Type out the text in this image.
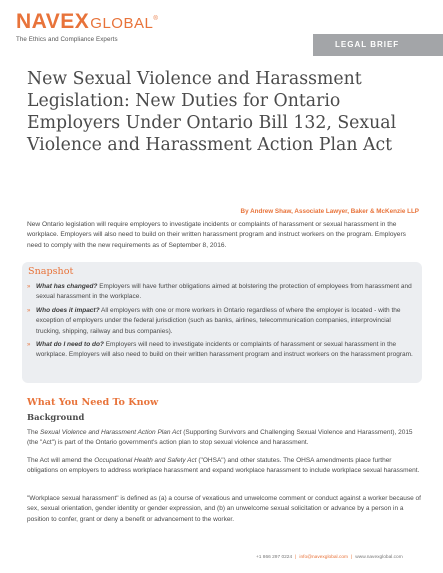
NAVEXGLOBAL®
The Ethics and Compliance Experts
LEGAL BRIEF
New Sexual Violence and Harassment Legislation: New Duties for Ontario Employers Under Ontario Bill 132, Sexual Violence and Harassment Action Plan Act
By Andrew Shaw, Associate Lawyer, Baker & McKenzie LLP

New Ontario legislation will require employers to investigate incidents or complaints of harassment or sexual harassment in the workplace. Employers will also need to build on their written harassment program and instruct workers on the program. Employers need to comply with the new requirements as of September 8, 2016.

Snapshot
» What has changed? Employers will have further obligations aimed at bolstering the protection of employees from harassment and sexual harassment in the workplace.
» Who does it impact? All employers with one or more workers in Ontario regardless of where the employer is located - with the exception of employers under the federal jurisdiction (such as banks, airlines, telecommunication companies, interprovincial trucking, shipping, railway and bus companies).
» What do I need to do? Employers will need to investigate incidents or complaints of harassment or sexual harassment in the workplace. Employers will also need to build on their written harassment program and instruct workers on the harassment program.
What You Need To Know
Background

The Sexual Violence and Harassment Action Plan Act (Supporting Survivors and Challenging Sexual Violence and Harassment), 2015 (the "Act") is part of the Ontario government's action plan to stop sexual violence and harassment.

The Act will amend the Occupational Health and Safety Act ("OHSA") and other statutes. The OHSA amendments place further obligations on employers to address workplace harassment and expand workplace harassment to include workplace sexual harassment.

"Workplace sexual harassment" is defined as (a) a course of vexatious and unwelcome comment or conduct against a worker because of sex, sexual orientation, gender identity or gender expression, and (b) an unwelcome sexual solicitation or advance by a person in a position to confer, grant or deny a benefit or advancement to the worker.

+1 866 297 0224 | info@navexglobal.com | www.navexglobal.com
